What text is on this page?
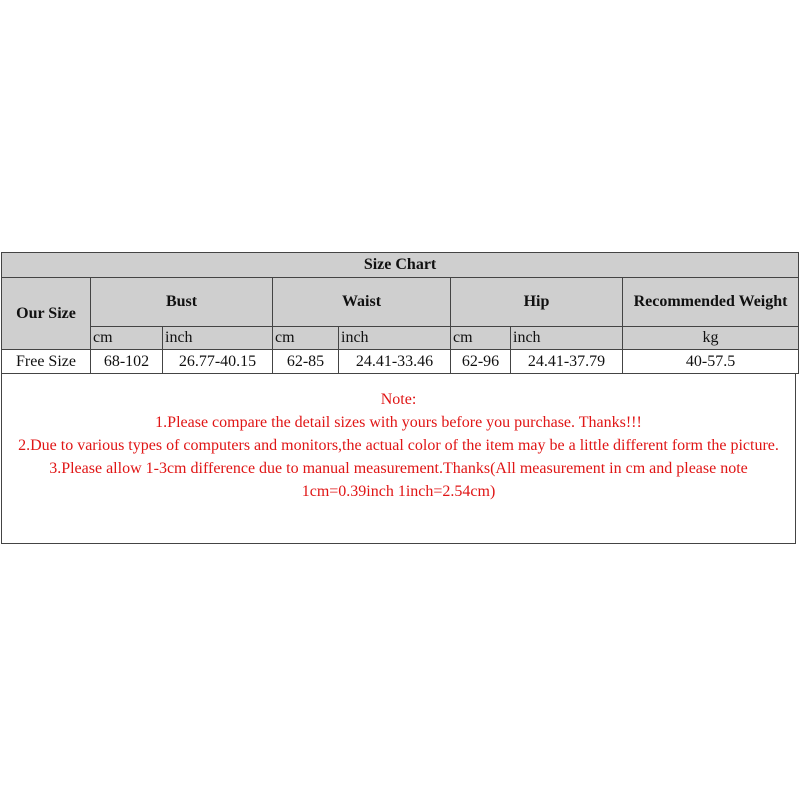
Size Chart							
Our Size	Bust		Waist		Hip		Recommended Weight
	cm	inch	cm	inch	cm	inch	kg
Free Size	68-102	26.77-40.15	62-85	24.41-33.46	62-96	24.41-37.79	40-57.5

Note:

1.Please compare the detail sizes with yours before you purchase. Thanks!!!

2.Due to various types of computers and monitors,the actual color of the item may be a little different form the picture.

3.Please allow 1-3cm difference due to manual measurement.Thanks(All measurement in cm and please note 1cm=0.39inch 1inch=2.54cm)
